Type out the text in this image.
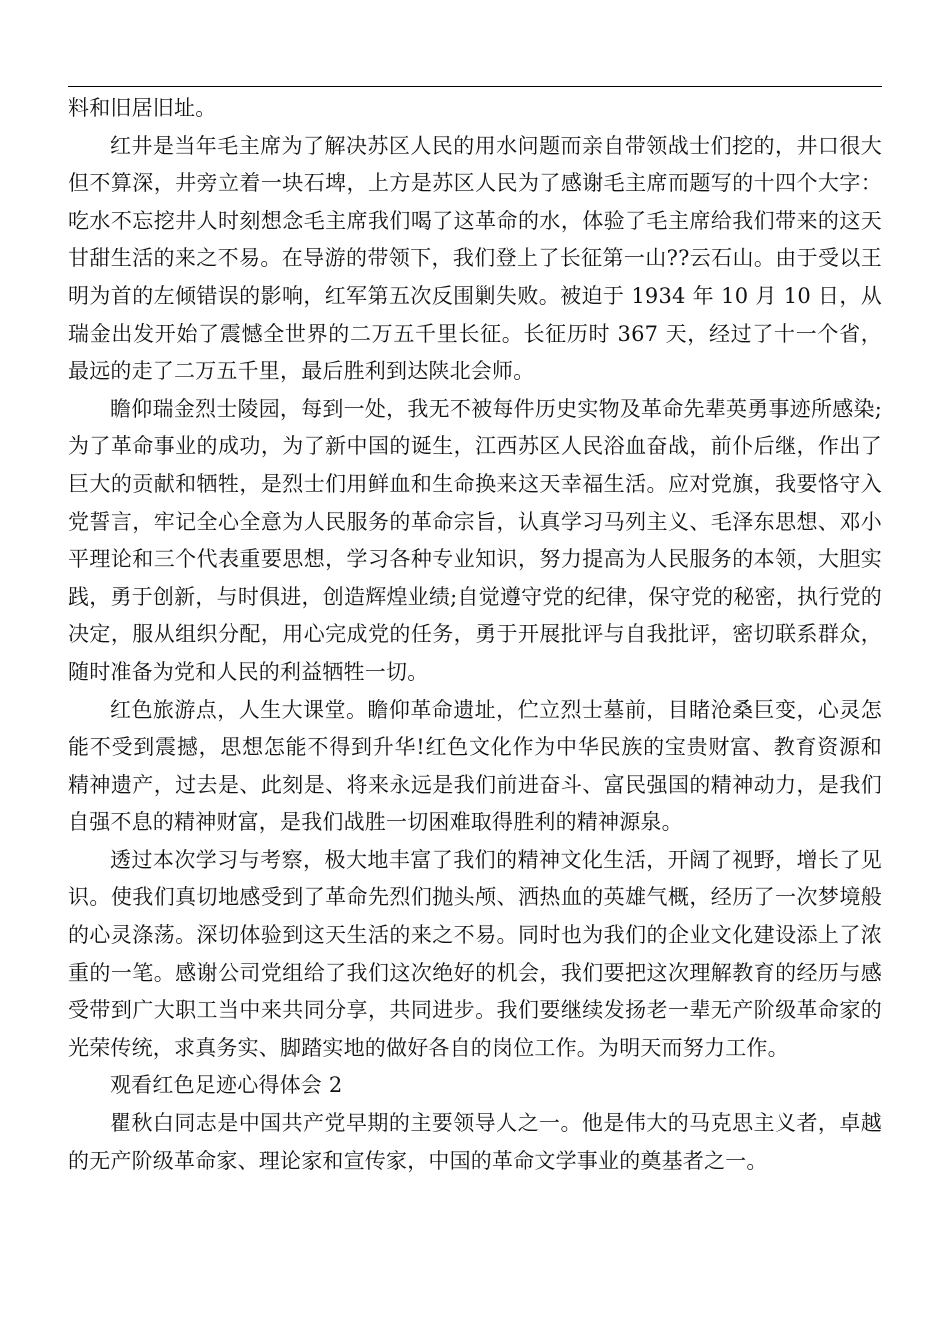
料和旧居旧址。

红井是当年毛主席为了解决苏区人民的用水问题而亲自带领战士们挖的，井口很大但不算深，井旁立着一块石埤，上方是苏区人民为了感谢毛主席而题写的十四个大字：吃水不忘挖井人时刻想念毛主席我们喝了这革命的水，体验了毛主席给我们带来的这天甘甜生活的来之不易。在导游的带领下，我们登上了长征第一山??云石山。由于受以王明为首的左倾错误的影响，红军第五次反围剿失败。被迫于 1934 年 10 月 10 日，从瑞金出发开始了震憾全世界的二万五千里长征。长征历时 367 天，经过了十一个省，最远的走了二万五千里，最后胜利到达陕北会师。

瞻仰瑞金烈士陵园，每到一处，我无不被每件历史实物及革命先辈英勇事迹所感染;为了革命事业的成功，为了新中国的诞生，江西苏区人民浴血奋战，前仆后继，作出了巨大的贡献和牺牲，是烈士们用鲜血和生命换来这天幸福生活。应对党旗，我要恪守入党誓言，牢记全心全意为人民服务的革命宗旨，认真学习马列主义、毛泽东思想、邓小平理论和三个代表重要思想，学习各种专业知识，努力提高为人民服务的本领，大胆实践，勇于创新，与时俱进，创造辉煌业绩;自觉遵守党的纪律，保守党的秘密，执行党的决定，服从组织分配，用心完成党的任务，勇于开展批评与自我批评，密切联系群众，随时准备为党和人民的利益牺牲一切。

红色旅游点，人生大课堂。瞻仰革命遗址，伫立烈士墓前，目睹沧桑巨变，心灵怎能不受到震撼，思想怎能不得到升华!红色文化作为中华民族的宝贵财富、教育资源和精神遗产，过去是、此刻是、将来永远是我们前进奋斗、富民强国的精神动力，是我们自强不息的精神财富，是我们战胜一切困难取得胜利的精神源泉。

透过本次学习与考察，极大地丰富了我们的精神文化生活，开阔了视野，增长了见识。使我们真切地感受到了革命先烈们抛头颅、洒热血的英雄气概，经历了一次梦境般的心灵涤荡。深切体验到这天生活的来之不易。同时也为我们的企业文化建设添上了浓重的一笔。感谢公司党组给了我们这次绝好的机会，我们要把这次理解教育的经历与感受带到广大职工当中来共同分享，共同进步。我们要继续发扬老一辈无产阶级革命家的光荣传统，求真务实、脚踏实地的做好各自的岗位工作。为明天而努力工作。

观看红色足迹心得体会 2

瞿秋白同志是中国共产党早期的主要领导人之一。他是伟大的马克思主义者，卓越的无产阶级革命家、理论家和宣传家，中国的革命文学事业的奠基者之一。
